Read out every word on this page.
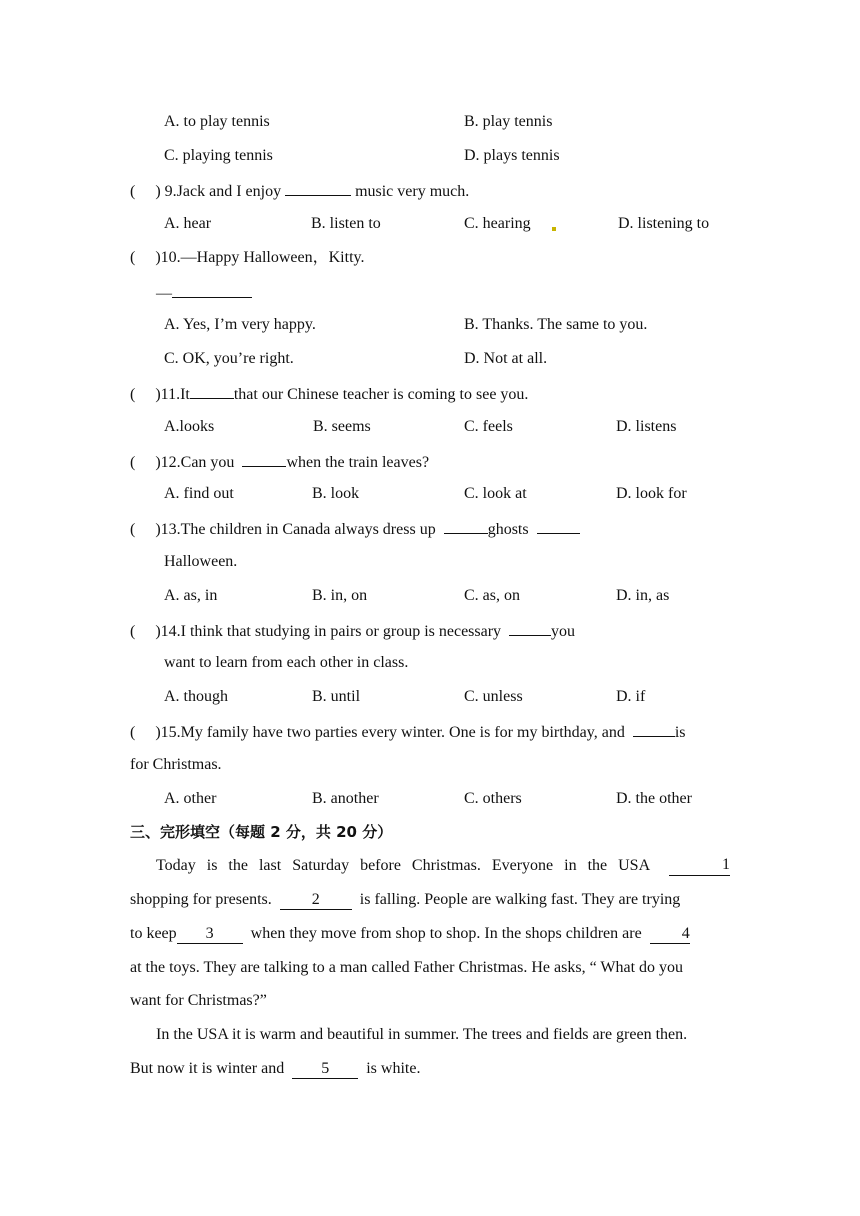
A. to play tennis	B. play tennis
C. playing tennis	D. plays tennis
(     ) 9.Jack and I enjoy	music very much.
A. hear	B. listen to	C. hearing	D. listening to
(     )10.—Happy Halloween，Kitty.
—
A. Yes, I’m very happy.	B. Thanks. The same to you.
C. OK, you’re right.	D. Not at all.
(     )11.It	that our Chinese teacher is coming to see you.
A.looks	B. seems	C. feels	D. listens
(     )12.Can you	when the train leaves?
A. find out	B. look	C. look at	D. look for
(     )13.The children in Canada always dress up	ghosts
Halloween.
A. as, in	B. in, on	C. as, on	D. in, as
(     )14.I think that studying in pairs or group is necessary	you
want to learn from each other in class.
A. though	B. until	C. unless	D. if
(     )15.My family have two parties every winter. One is for my birthday, and	is
for Christmas.
A. other	B. another	C. others	D. the other
三、完形填空（每题 2 分，共 20 分）
Today is the last Saturday before Christmas. Everyone in the USA	1
shopping for presents.	2	is falling. People are walking fast. They are trying
to keep 3 when they move from shop to shop. In the shops children are	4
at the toys. They are talking to a man called Father Christmas. He asks, “ What do you
want for Christmas?”
In the USA it is warm and beautiful in summer. The trees and fields are green then.
But now it is winter and 5 is white.
